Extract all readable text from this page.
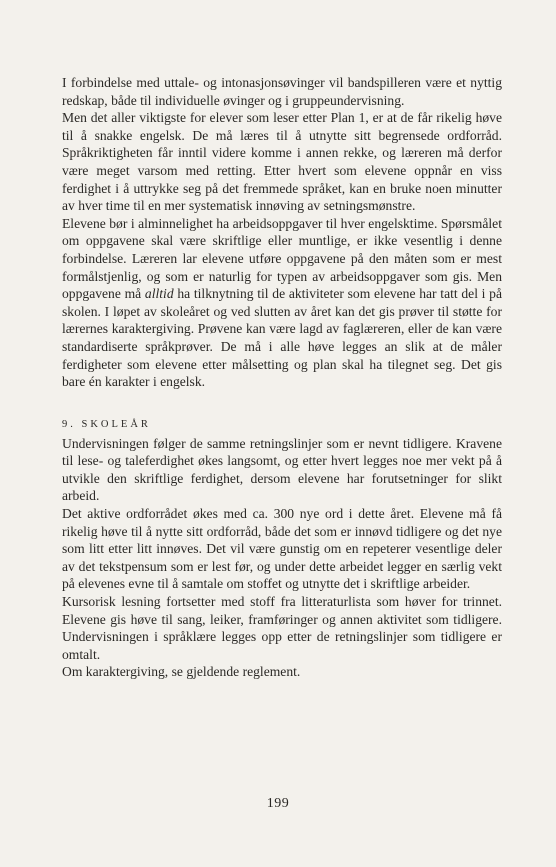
I forbindelse med uttale- og intonasjonsøvinger vil bandspilleren være et nyttig redskap, både til individuelle øvinger og i gruppeundervisning.

Men det aller viktigste for elever som leser etter Plan 1, er at de får rikelig høve til å snakke engelsk. De må læres til å utnytte sitt begrensede ordforråd. Språkriktigheten får inntil videre komme i annen rekke, og læreren må derfor være meget varsom med retting. Etter hvert som elevene oppnår en viss ferdighet i å uttrykke seg på det fremmede språket, kan en bruke noen minutter av hver time til en mer systematisk innøving av setningsmønstre.

Elevene bør i alminnelighet ha arbeidsoppgaver til hver engelsktime. Spørsmålet om oppgavene skal være skriftlige eller muntlige, er ikke vesentlig i denne forbindelse. Læreren lar elevene utføre oppgavene på den måten som er mest formålstjenlig, og som er naturlig for typen av arbeidsoppgaver som gis. Men oppgavene må alltid ha tilknytning til de aktiviteter som elevene har tatt del i på skolen. I løpet av skoleåret og ved slutten av året kan det gis prøver til støtte for lærernes karaktergiving. Prøvene kan være lagd av faglæreren, eller de kan være standardiserte språkprøver. De må i alle høve legges an slik at de måler ferdigheter som elevene etter målsetting og plan skal ha tilegnet seg. Det gis bare én karakter i engelsk.

9. SKOLEÅR

Undervisningen følger de samme retningslinjer som er nevnt tidligere. Kravene til lese- og taleferdighet økes langsomt, og etter hvert legges noe mer vekt på å utvikle den skriftlige ferdighet, dersom elevene har forutsetninger for slikt arbeid.

Det aktive ordforrådet økes med ca. 300 nye ord i dette året. Elevene må få rikelig høve til å nytte sitt ordforråd, både det som er innøvd tidligere og det nye som litt etter litt innøves. Det vil være gunstig om en repeterer vesentlige deler av det tekstpensum som er lest før, og under dette arbeidet legger en særlig vekt på elevenes evne til å samtale om stoffet og utnytte det i skriftlige arbeider.

Kursorisk lesning fortsetter med stoff fra litteraturlista som høver for trinnet. Elevene gis høve til sang, leiker, framføringer og annen aktivitet som tidligere. Undervisningen i språklære legges opp etter de retningslinjer som tidligere er omtalt.

Om karaktergiving, se gjeldende reglement.

199
